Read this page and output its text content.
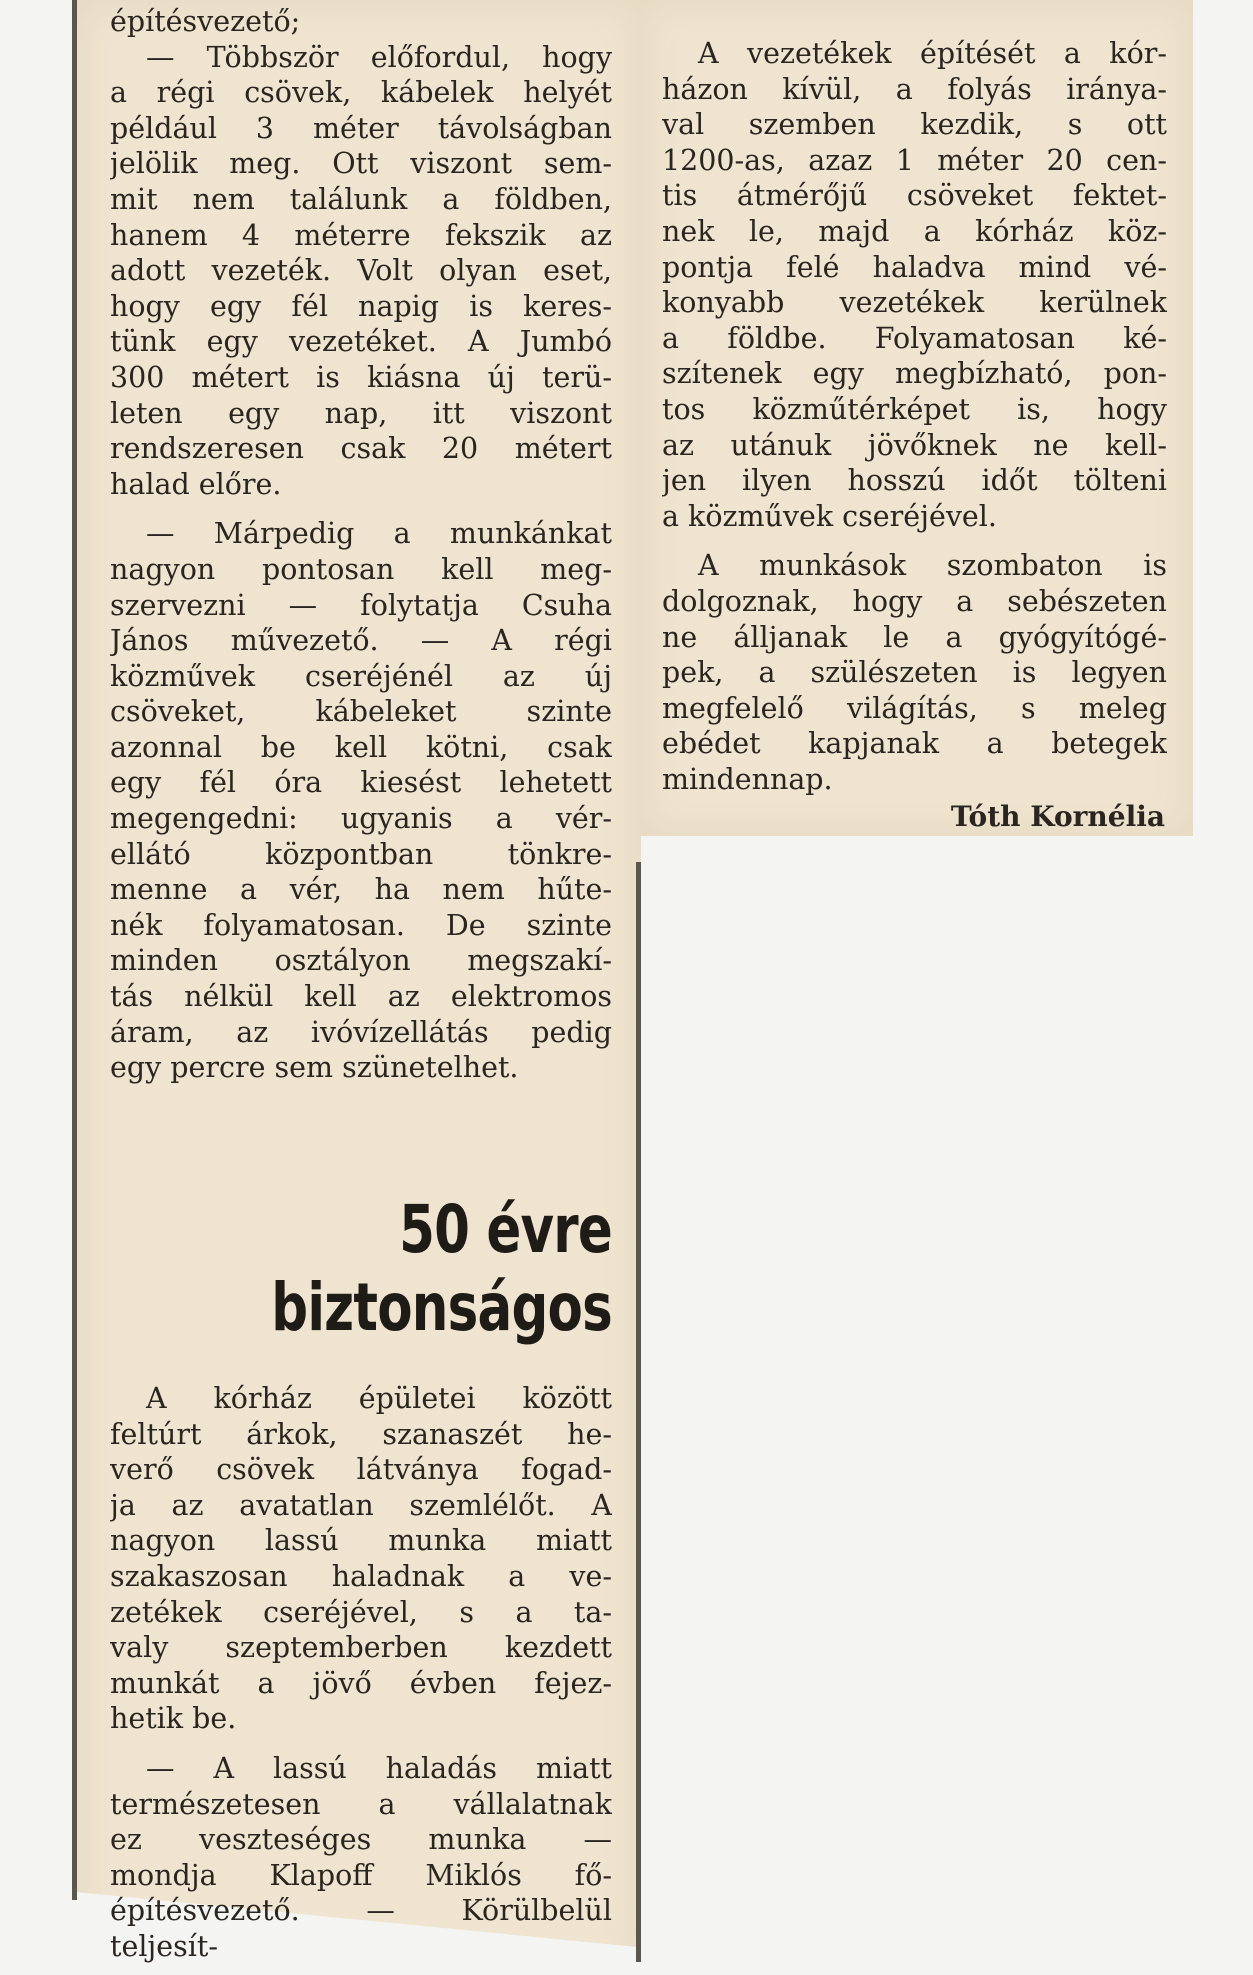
építésvezető;
— Többször előfordul, hogy
a régi csövek, kábelek helyét
például 3 méter távolságban
jelölik meg. Ott viszont sem-
mit nem találunk a földben,
hanem 4 méterre fekszik az
adott vezeték. Volt olyan eset,
hogy egy fél napig is keres-
tünk egy vezetéket. A Jumbó
300 métert is kiásna új terü-
leten egy nap, itt viszont
rendszeresen csak 20 métert
halad előre.
— Márpedig a munkánkat
nagyon pontosan kell meg-
szervezni — folytatja Csuha
János művezető. — A régi
közművek cseréjénél az új
csöveket, kábeleket szinte
azonnal be kell kötni, csak
egy fél óra kiesést lehetett
megengedni: ugyanis a vér-
ellátó központban tönkre-
menne a vér, ha nem hűte-
nék folyamatosan. De szinte
minden osztályon megszakí-
tás nélkül kell az elektromos
áram, az ivóvízellátás pedig
egy percre sem szünetelhet.
50 évre
biztonságos
A kórház épületei között
feltúrt árkok, szanaszét he-
verő csövek látványa fogad-
ja az avatatlan szemlélőt. A
nagyon lassú munka miatt
szakaszosan haladnak a ve-
zetékek cseréjével, s a ta-
valy szeptemberben kezdett
munkát a jövő évben fejez-
hetik be.
— A lassú haladás miatt
természetesen a vállalatnak
ez veszteséges munka —
mondja Klapoff Miklós fő-
építésvezető. — Körülbelül
teljesít-
A vezetékek építését a kór-
házon kívül, a folyás iránya-
val szemben kezdik, s ott
1200-as, azaz 1 méter 20 cen-
tis átmérőjű csöveket fektet-
nek le, majd a kórház köz-
pontja felé haladva mind vé-
konyabb vezetékek kerülnek
a földbe. Folyamatosan ké-
szítenek egy megbízható, pon-
tos közműtérképet is, hogy
az utánuk jövőknek ne kell-
jen ilyen hosszú időt tölteni
a közművek cseréjével.
A munkások szombaton is
dolgoznak, hogy a sebészeten
ne álljanak le a gyógyítógé-
pek, a szülészeten is legyen
megfelelő világítás, s meleg
ebédet kapjanak a betegek
mindennap.
Tóth Kornélia
